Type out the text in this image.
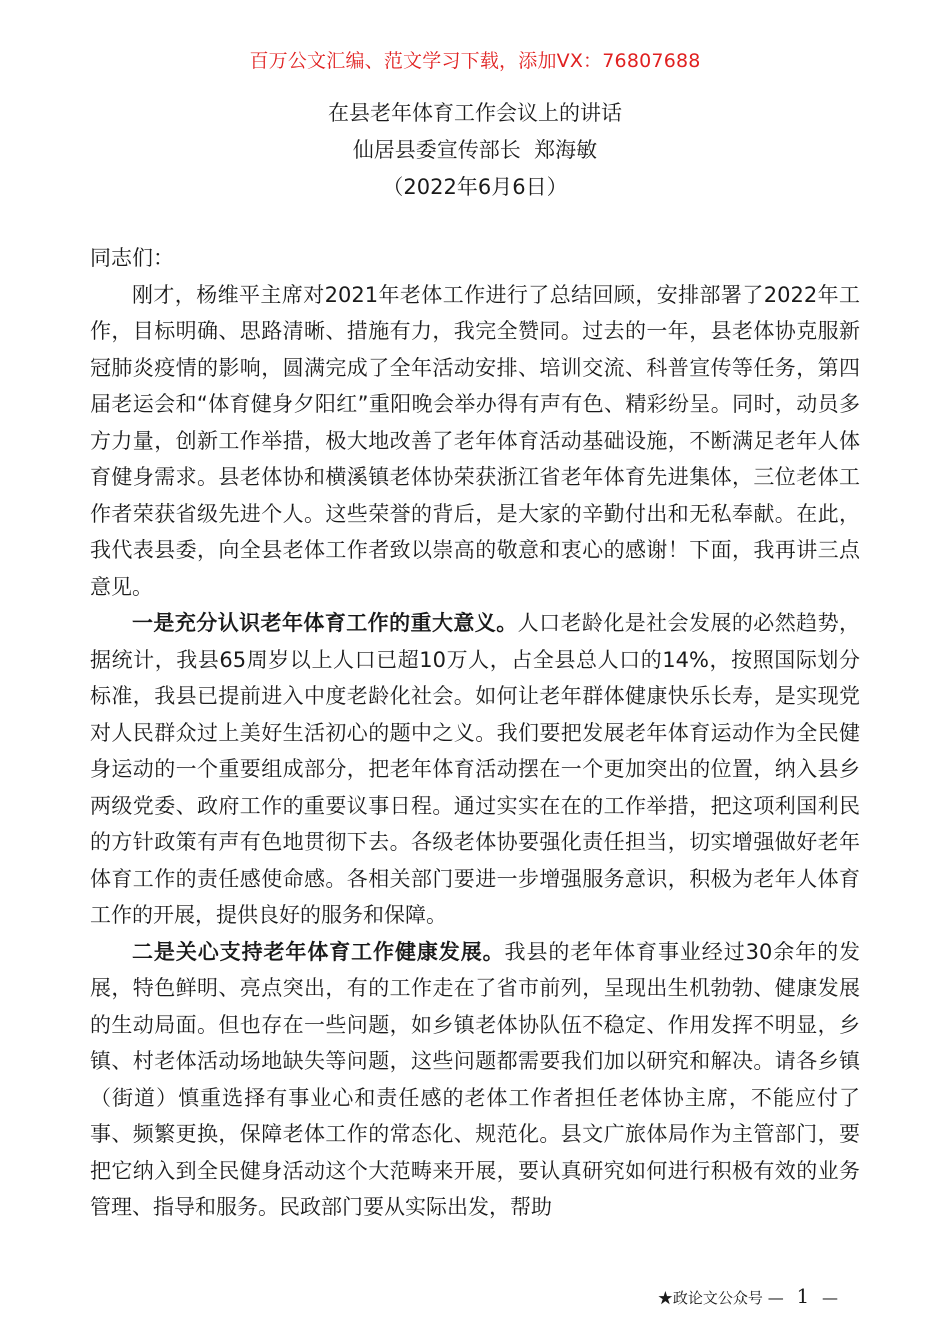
百万公文汇编、范文学习下载，添加VX：76807688
在县老年体育工作会议上的讲话
仙居县委宣传部长  郑海敏
（2022年6月6日）

同志们：

刚才，杨维平主席对2021年老体工作进行了总结回顾，安排部署了2022年工作，目标明确、思路清晰、措施有力，我完全赞同。过去的一年，县老体协克服新冠肺炎疫情的影响，圆满完成了全年活动安排、培训交流、科普宣传等任务，第四届老运会和“体育健身夕阳红”重阳晚会举办得有声有色、精彩纷呈。同时，动员多方力量，创新工作举措，极大地改善了老年体育活动基础设施，不断满足老年人体育健身需求。县老体协和横溪镇老体协荣获浙江省老年体育先进集体，三位老体工作者荣获省级先进个人。这些荣誉的背后，是大家的辛勤付出和无私奉献。在此，我代表县委，向全县老体工作者致以崇高的敬意和衷心的感谢！下面，我再讲三点意见。

一是充分认识老年体育工作的重大意义。人口老龄化是社会发展的必然趋势，据统计，我县65周岁以上人口已超10万人，占全县总人口的14%，按照国际划分标准，我县已提前进入中度老龄化社会。如何让老年群体健康快乐长寿，是实现党对人民群众过上美好生活初心的题中之义。我们要把发展老年体育运动作为全民健身运动的一个重要组成部分，把老年体育活动摆在一个更加突出的位置，纳入县乡两级党委、政府工作的重要议事日程。通过实实在在的工作举措，把这项利国利民的方针政策有声有色地贯彻下去。各级老体协要强化责任担当，切实增强做好老年体育工作的责任感使命感。各相关部门要进一步增强服务意识，积极为老年人体育工作的开展，提供良好的服务和保障。

二是关心支持老年体育工作健康发展。我县的老年体育事业经过30余年的发展，特色鲜明、亮点突出，有的工作走在了省市前列，呈现出生机勃勃、健康发展的生动局面。但也存在一些问题，如乡镇老体协队伍不稳定、作用发挥不明显，乡镇、村老体活动场地缺失等问题，这些问题都需要我们加以研究和解决。请各乡镇（街道）慎重选择有事业心和责任感的老体工作者担任老体协主席，不能应付了事、频繁更换，保障老体工作的常态化、规范化。县文广旅体局作为主管部门，要把它纳入到全民健身活动这个大范畴来开展，要认真研究如何进行积极有效的业务管理、指导和服务。民政部门要从实际出发，帮助

★政论文公众号 — 1 —
